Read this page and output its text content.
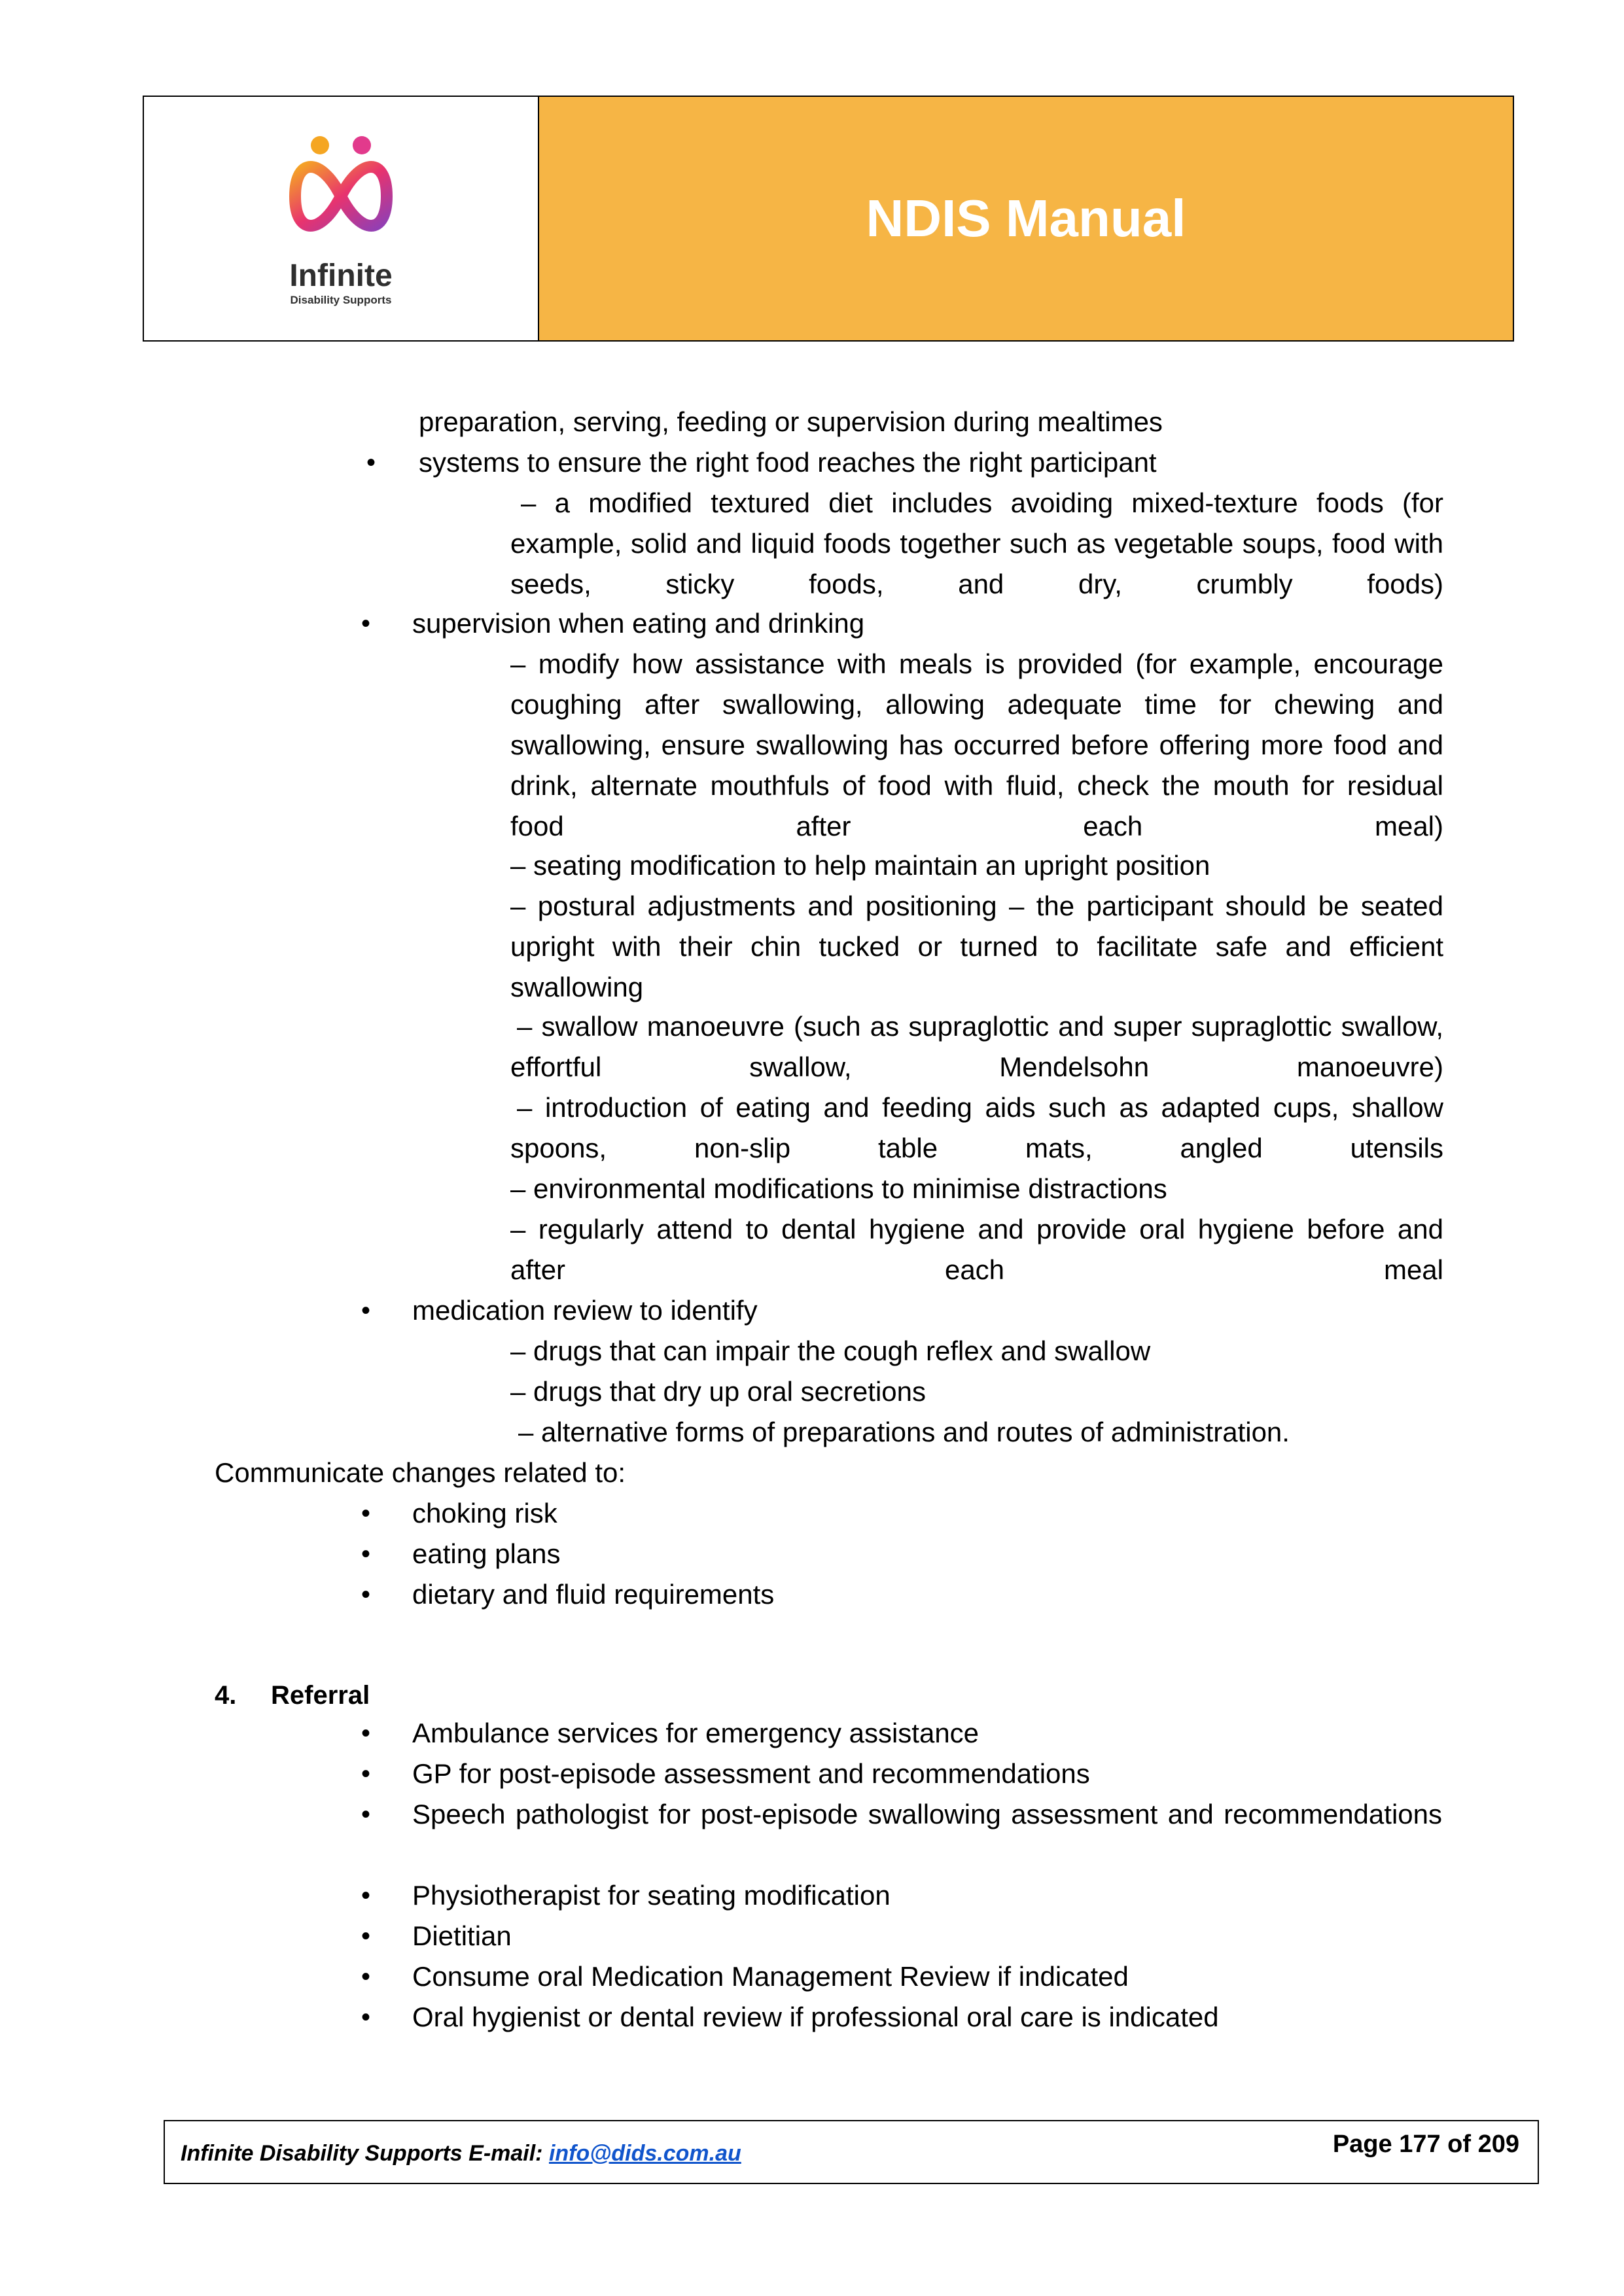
Infinite
Disability Supports
NDIS Manual
preparation, serving, feeding or supervision during mealtimes
• systems to ensure the right food reaches the right participant
– a modified textured diet includes avoiding mixed-texture foods (for example, solid and liquid foods together such as vegetable soups, food with seeds, sticky foods, and dry, crumbly foods)
• supervision when eating and drinking
– modify how assistance with meals is provided (for example, encourage coughing after swallowing, allowing adequate time for chewing and swallowing, ensure swallowing has occurred before offering more food and drink, alternate mouthfuls of food with fluid, check the mouth for residual food after each meal)
– seating modification to help maintain an upright position
– postural adjustments and positioning – the participant should be seated upright with their chin tucked or turned to facilitate safe and efficient swallowing
– swallow manoeuvre (such as supraglottic and super supraglottic swallow, effortful swallow, Mendelsohn manoeuvre)
– introduction of eating and feeding aids such as adapted cups, shallow spoons, non-slip table mats, angled utensils
– environmental modifications to minimise distractions
– regularly attend to dental hygiene and provide oral hygiene before and after each meal
• medication review to identify
– drugs that can impair the cough reflex and swallow
– drugs that dry up oral secretions
– alternative forms of preparations and routes of administration.
Communicate changes related to:
• choking risk
• eating plans
• dietary and fluid requirements
4. Referral
• Ambulance services for emergency assistance
• GP for post-episode assessment and recommendations
• Speech pathologist for post-episode swallowing assessment and recommendations
• Physiotherapist for seating modification
• Dietitian
• Consume oral Medication Management Review if indicated
• Oral hygienist or dental review if professional oral care is indicated
Infinite Disability Supports E-mail: info@dids.com.au	Page 177 of 209
